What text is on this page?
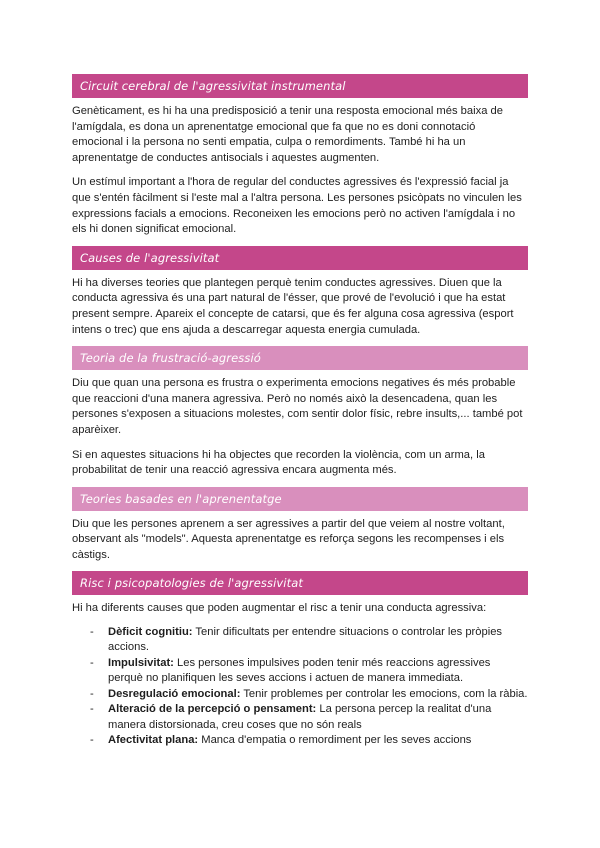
Circuit cerebral de l'agressivitat instrumental

Genèticament, es hi ha una predisposició a tenir una resposta emocional més baixa de l'amígdala, es dona un aprenentatge emocional que fa que no es doni connotació emocional i la persona no senti empatia, culpa o remordiments. També hi ha un aprenentatge de conductes antisocials i aquestes augmenten.

Un estímul important a l'hora de regular del conductes agressives és l'expressió facial ja que s'entén fàcilment si l'este mal a l'altra persona. Les persones psicòpats no vinculen les expressions facials a emocions. Reconeixen les emocions però no activen l'amígdala i no els hi donen significat emocional.

Causes de l'agressivitat

Hi ha diverses teories que plantegen perquè tenim conductes agressives. Diuen que la conducta agressiva és una part natural de l'ésser, que prové de l'evolució i que ha estat present sempre. Apareix el concepte de catarsi, que és fer alguna cosa agressiva (esport intens o trec) que ens ajuda a descarregar aquesta energia cumulada.

Teoria de la frustració-agressió

Diu que quan una persona es frustra o experimenta emocions negatives és més probable que reaccioni d'una manera agressiva. Però no només això la desencadena, quan les persones s'exposen a situacions molestes, com sentir dolor físic, rebre insults,... també pot aparèixer.

Si en aquestes situacions hi ha objectes que recorden la violència, com un arma, la probabilitat de tenir una reacció agressiva encara augmenta més.

Teories basades en l'aprenentatge

Diu que les persones aprenem a ser agressives a partir del que veiem al nostre voltant, observant als "models". Aquesta aprenentatge es reforça segons les recompenses i els càstigs.

Risc i psicopatologies de l'agressivitat

Hi ha diferents causes que poden augmentar el risc a tenir una conducta agressiva:

- Dèficit cognitiu: Tenir dificultats per entendre situacions o controlar les pròpies accions.
- Impulsivitat: Les persones impulsives poden tenir més reaccions agressives perquè no planifiquen les seves accions i actuen de manera immediata.
- Desregulació emocional: Tenir problemes per controlar les emocions, com la ràbia.
- Alteració de la percepció o pensament: La persona percep la realitat d'una manera distorsionada, creu coses que no són reals
- Afectivitat plana: Manca d'empatia o remordiment per les seves accions
